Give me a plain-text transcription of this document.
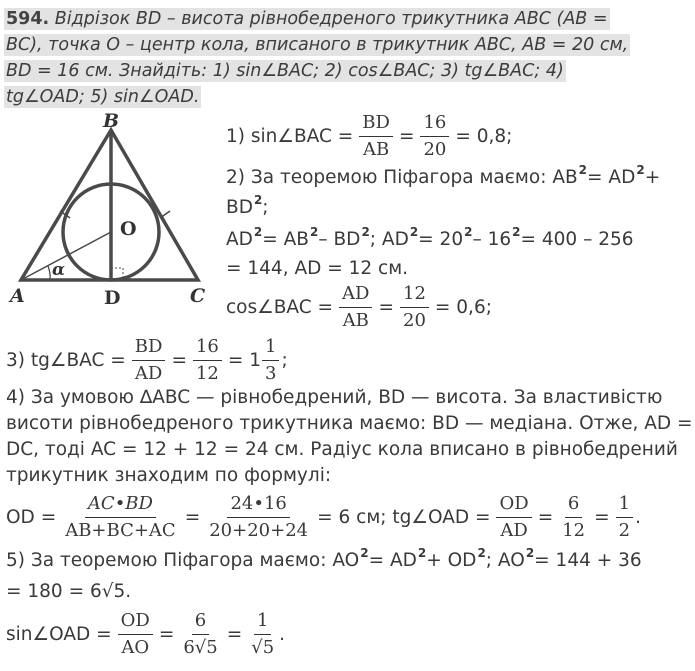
594. Відрізок BD – висота рівнобедреного трикутника ABC (AB =
BC), точка O – центр кола, вписаного в трикутник ABC, AB = 20 см,
BD = 16 см. Знайдіть: 1) sin∠BAC; 2) cos∠BAC; 3) tg∠BAC; 4)
tg∠OAD; 5) sin∠OAD.
B
A	C
D
O
α
1) sin∠BAC = $\frac{BD}{AB} = \frac{16}{20} = 0,8$;
2) За теоремою Піфагора маємо: AB 2 = AD 2 +
BD 2 ;
AD 2 = AB 2 – BD 2 ; AD 2 = 20 2 – 16 2 = 400 – 256
= 144, AD = 12 см.
cos∠BAC = $\frac{AD}{AB} = \frac{12}{20} = 0,6$;
3) tg∠BAC = $\frac{BD}{AD} = \frac{16}{12} = 1 \frac{1}{3}$ ;
4) За умовою ∆ABC — рівнобедрений, BD — висота. За властивістю
висоти рівнобедреного трикутника маємо: BD — медіана. Отже, AD =
DC, тоді AC = 12 + 12 = 24 см. Радіус кола вписано в рівнобедрений
трикутник знаходим по формулі:
OD = $\frac{AC•BD}{AB+BC+AC} = \frac{24•16}{20+20+24} = 6$ см; tg∠OAD = $\frac{OD}{AD} = \frac{6}{12} = \frac{1}{2}$ .
5) За теоремою Піфагора маємо: AO 2 = AD 2 + OD 2 ; AO 2 = 144 + 36
= 180 = 6√5.
sin∠OAD = $\frac{OD}{AO} = \frac{6}{6√5} = \frac{1}{√5}$ .
